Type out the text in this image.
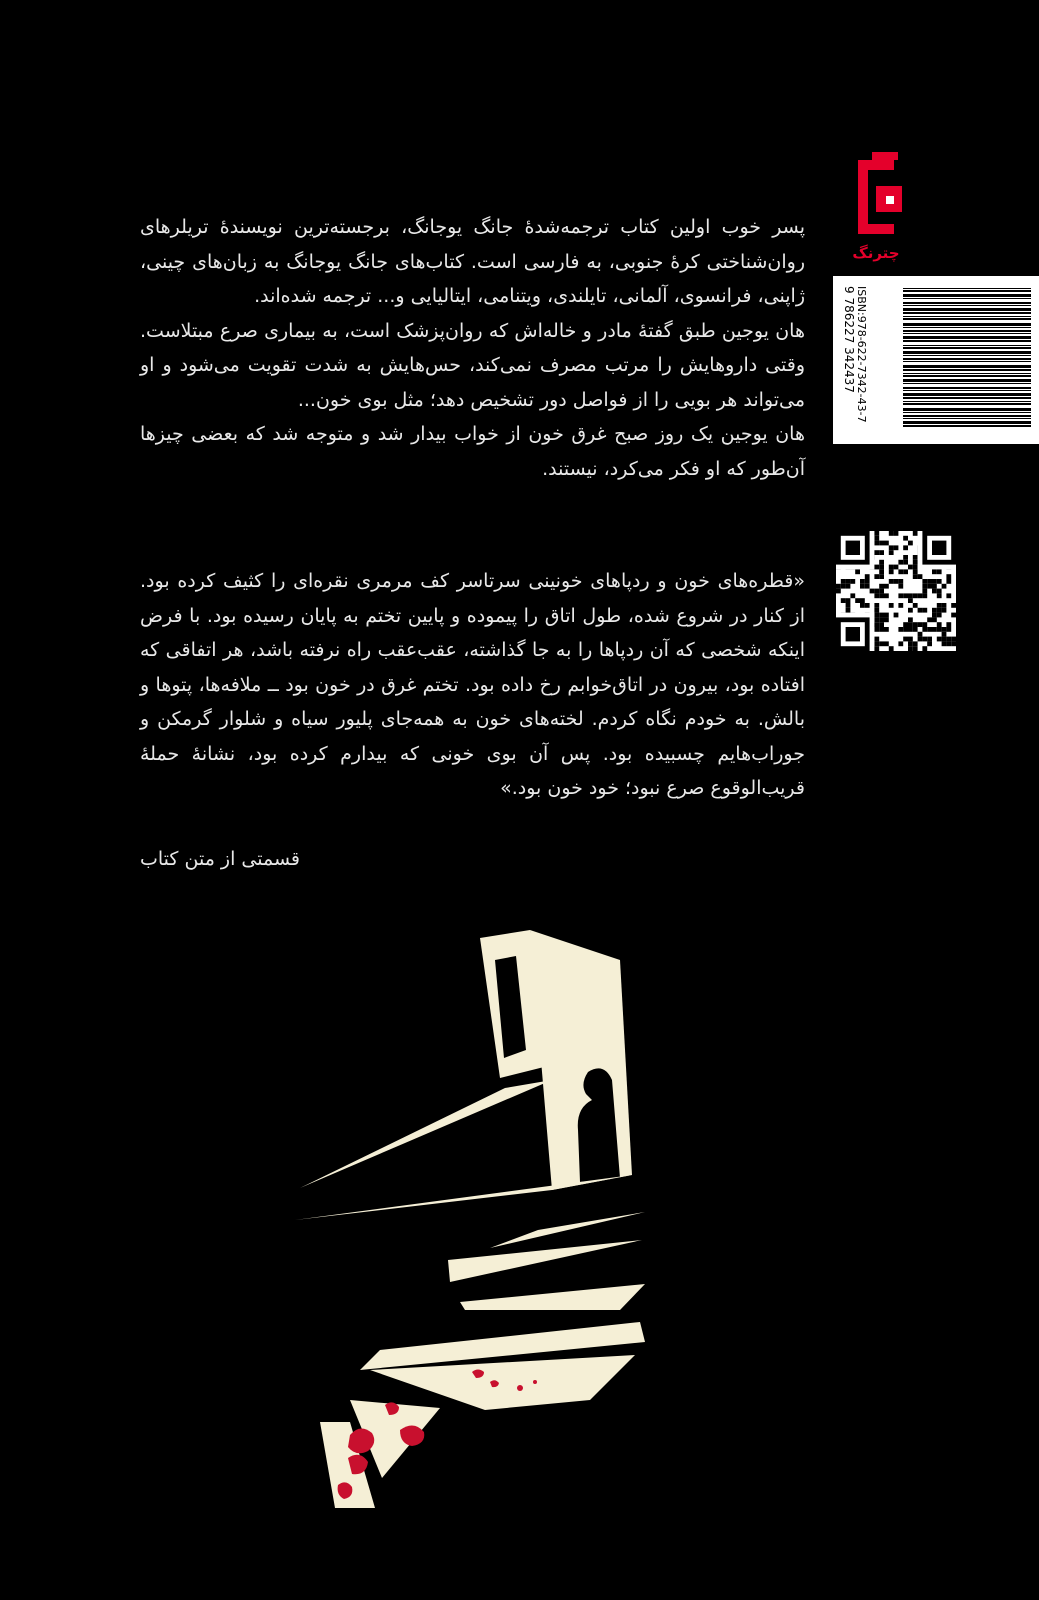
چترنگ
ISBN:978-622-7342-43-7
9 786227 342437

پسر خوب اولین کتاب ترجمه‌شدهٔ جانگ یوجانگ، برجسته‌ترین نویسندهٔ تریلرهای روان‌شناختی کرهٔ جنوبی، به فارسی است. کتاب‌های جانگ یوجانگ به زبان‌های چینی، ژاپنی، فرانسوی، آلمانی، تایلندی، ویتنامی، ایتالیایی و... ترجمه شده‌اند.

هان یوجین طبق گفتهٔ مادر و خاله‌اش که روان‌پزشک است، به بیماری صرع مبتلاست. وقتی داروهایش را مرتب مصرف نمی‌کند، حس‌هایش به شدت تقویت می‌شود و او می‌تواند هر بویی را از فواصل دور تشخیص دهد؛ مثل بوی خون...

هان یوجین یک روز صبح غرق خون از خواب بیدار شد و متوجه شد که بعضی چیزها آن‌طور که او فکر می‌کرد، نیستند.

«قطره‌های خون و ردپاهای خونینی سرتاسر کف مرمری نقره‌ای را کثیف کرده بود. از کنار در شروع شده، طول اتاق را پیموده و پایین تختم به پایان رسیده بود. با فرض اینکه شخصی که آن ردپاها را به جا گذاشته، عقب‌عقب راه نرفته باشد، هر اتفاقی که افتاده بود، بیرون در اتاق‌خوابم رخ داده بود. تختم غرق در خون بود ــ ملافه‌ها، پتوها و بالش. به خودم نگاه کردم. لخته‌های خون به همه‌جای پلیور سیاه و شلوار گرمکن و جوراب‌هایم چسبیده بود. پس آن بوی خونی که بیدارم کرده بود، نشانهٔ حملهٔ قریب‌الوقوع صرع نبود؛ خود خون بود.»
قسمتی از متن کتاب
